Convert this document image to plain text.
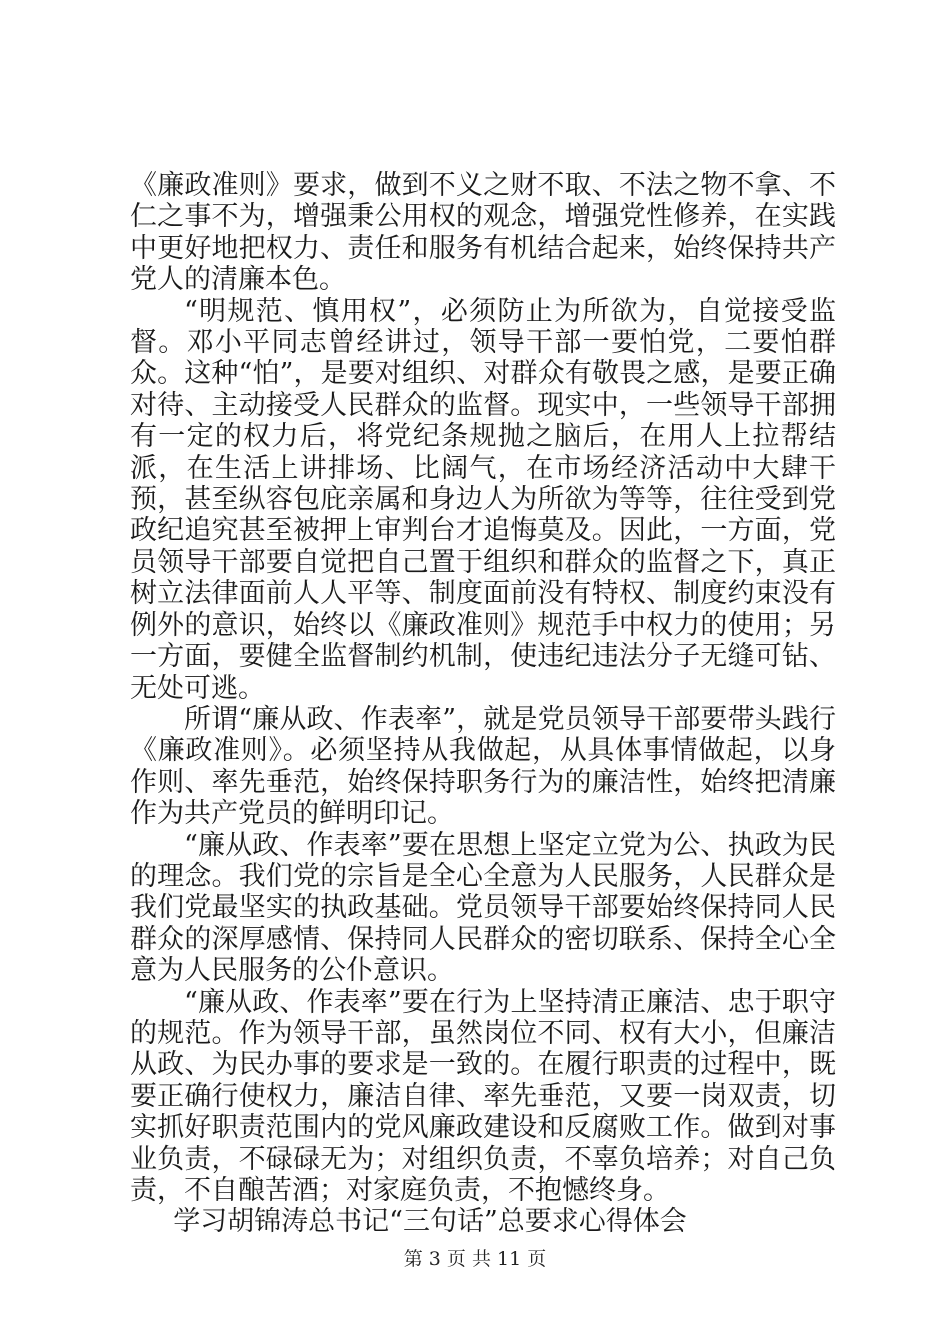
《廉政准则》要求，做到不义之财不取、不法之物不拿、不仁之事不为，增强秉公用权的观念，增强党性修养，在实践中更好地把权力、责任和服务有机结合起来，始终保持共产党人的清廉本色。

“明规范、慎用权”，必须防止为所欲为，自觉接受监督。邓小平同志曾经讲过，领导干部一要怕党，二要怕群众。这种“怕”，是要对组织、对群众有敬畏之感，是要正确对待、主动接受人民群众的监督。现实中，一些领导干部拥有一定的权力后，将党纪条规抛之脑后，在用人上拉帮结派，在生活上讲排场、比阔气，在市场经济活动中大肆干预，甚至纵容包庇亲属和身边人为所欲为等等，往往受到党政纪追究甚至被押上审判台才追悔莫及。因此，一方面，党员领导干部要自觉把自己置于组织和群众的监督之下，真正树立法律面前人人平等、制度面前没有特权、制度约束没有例外的意识，始终以《廉政准则》规范手中权力的使用；另一方面，要健全监督制约机制，使违纪违法分子无缝可钻、无处可逃。

所谓“廉从政、作表率”，就是党员领导干部要带头践行《廉政准则》。必须坚持从我做起，从具体事情做起，以身作则、率先垂范，始终保持职务行为的廉洁性，始终把清廉作为共产党员的鲜明印记。

“廉从政、作表率”要在思想上坚定立党为公、执政为民的理念。我们党的宗旨是全心全意为人民服务，人民群众是我们党最坚实的执政基础。党员领导干部要始终保持同人民群众的深厚感情、保持同人民群众的密切联系、保持全心全意为人民服务的公仆意识。

“廉从政、作表率”要在行为上坚持清正廉洁、忠于职守的规范。作为领导干部，虽然岗位不同、权有大小，但廉洁从政、为民办事的要求是一致的。在履行职责的过程中，既要正确行使权力，廉洁自律、率先垂范，又要一岗双责，切实抓好职责范围内的党风廉政建设和反腐败工作。做到对事业负责，不碌碌无为；对组织负责，不辜负培养；对自己负责，不自酿苦酒；对家庭负责，不抱憾终身。

学习胡锦涛总书记“三句话”总要求心得体会

第 3 页 共 11 页
